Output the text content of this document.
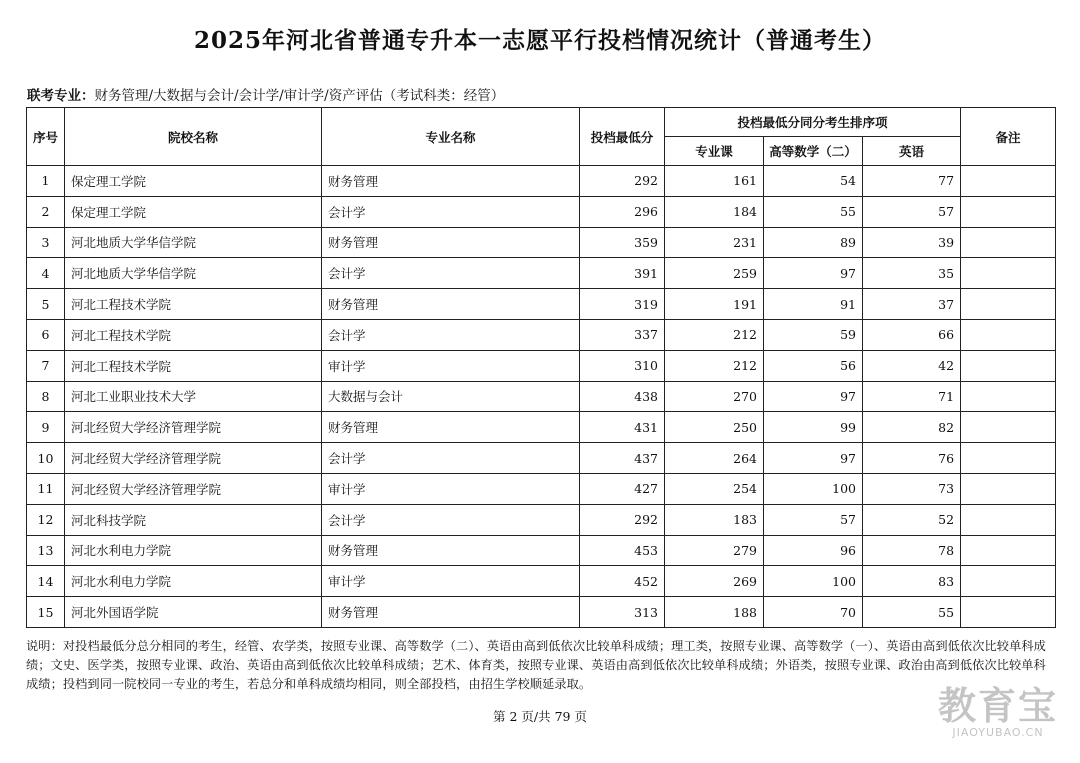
2025年河北省普通专升本一志愿平行投档情况统计（普通考生）
联考专业：财务管理/大数据与会计/会计学/审计学/资产评估（考试科类：经管）
序号	院校名称	专业名称	投档最低分	投档最低分同分考生排序项			备注
				专业课	高等数学（二）	英语	
1	保定理工学院	财务管理	292	161	54	77	
2	保定理工学院	会计学	296	184	55	57	
3	河北地质大学华信学院	财务管理	359	231	89	39	
4	河北地质大学华信学院	会计学	391	259	97	35	
5	河北工程技术学院	财务管理	319	191	91	37	
6	河北工程技术学院	会计学	337	212	59	66	
7	河北工程技术学院	审计学	310	212	56	42	
8	河北工业职业技术大学	大数据与会计	438	270	97	71	
9	河北经贸大学经济管理学院	财务管理	431	250	99	82	
10	河北经贸大学经济管理学院	会计学	437	264	97	76	
11	河北经贸大学经济管理学院	审计学	427	254	100	73	
12	河北科技学院	会计学	292	183	57	52	
13	河北水利电力学院	财务管理	453	279	96	78	
14	河北水利电力学院	审计学	452	269	100	83	
15	河北外国语学院	财务管理	313	188	70	55	
说明：对投档最低分总分相同的考生，经管、农学类，按照专业课、高等数学（二）、英语由高到低依次比较单科成绩；理工类，按照专业课、高等数学（一）、英语由高到低依次比较单科成绩；文史、医学类，按照专业课、政治、英语由高到低依次比较单科成绩；艺术、体育类，按照专业课、英语由高到低依次比较单科成绩；外语类，按照专业课、政治由高到低依次比较单科成绩；投档到同一院校同一专业的考生，若总分和单科成绩均相同，则全部投档，由招生学校顺延录取。
第 2 页/共 79 页	教育宝
JIAOYUBAO.CN
